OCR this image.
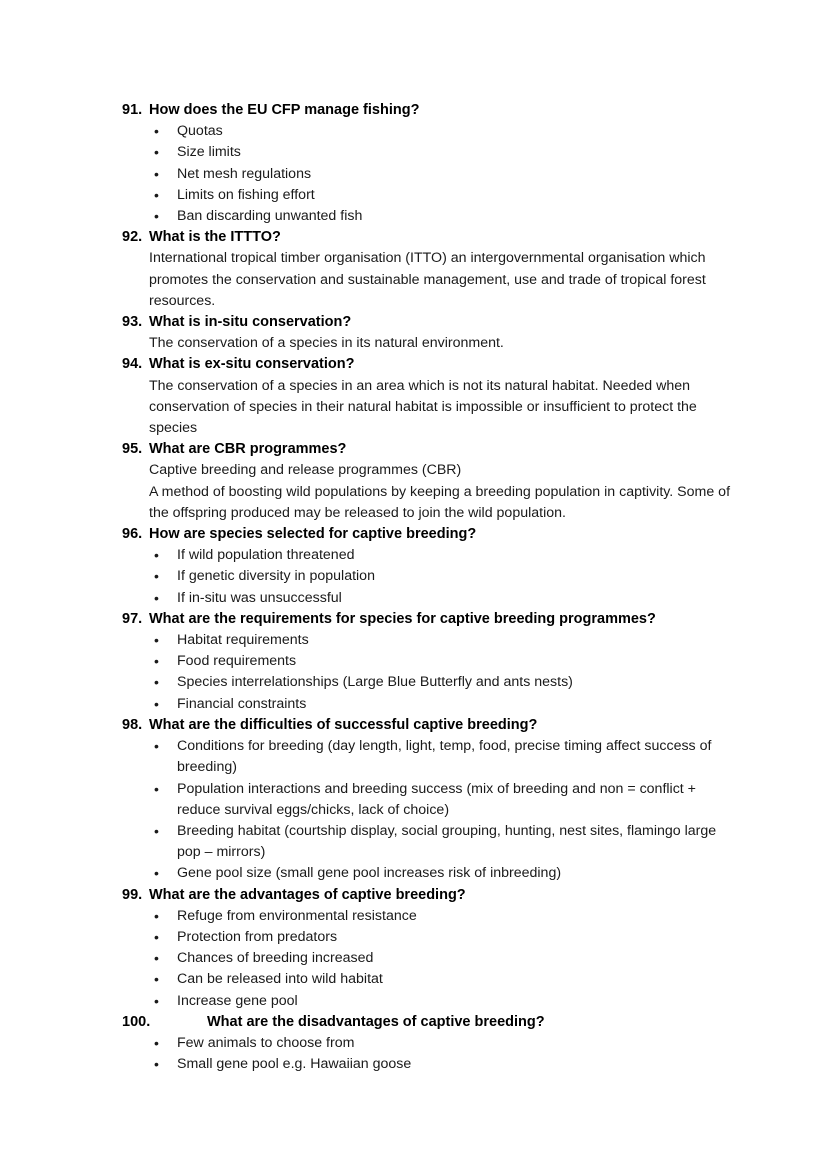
91. How does the EU CFP manage fishing?
• Quotas
• Size limits
• Net mesh regulations
• Limits on fishing effort
• Ban discarding unwanted fish
92. What is the ITTTO?
International tropical timber organisation (ITTO) an intergovernmental organisation which promotes the conservation and sustainable management, use and trade of tropical forest resources.
93. What is in-situ conservation?
The conservation of a species in its natural environment.
94. What is ex-situ conservation?
The conservation of a species in an area which is not its natural habitat. Needed when conservation of species in their natural habitat is impossible or insufficient to protect the species
95. What are CBR programmes?
Captive breeding and release programmes (CBR)
A method of boosting wild populations by keeping a breeding population in captivity. Some of the offspring produced may be released to join the wild population.
96. How are species selected for captive breeding?
• If wild population threatened
• If genetic diversity in population
• If in-situ was unsuccessful
97. What are the requirements for species for captive breeding programmes?
• Habitat requirements
• Food requirements
• Species interrelationships (Large Blue Butterfly and ants nests)
• Financial constraints
98. What are the difficulties of successful captive breeding?
• Conditions for breeding (day length, light, temp, food, precise timing affect success of breeding)
• Population interactions and breeding success (mix of breeding and non = conflict + reduce survival eggs/chicks, lack of choice)
• Breeding habitat (courtship display, social grouping, hunting, nest sites, flamingo large pop – mirrors)
• Gene pool size (small gene pool increases risk of inbreeding)
99. What are the advantages of captive breeding?
• Refuge from environmental resistance
• Protection from predators
• Chances of breeding increased
• Can be released into wild habitat
• Increase gene pool
100.	What are the disadvantages of captive breeding?
• Few animals to choose from
• Small gene pool e.g. Hawaiian goose
